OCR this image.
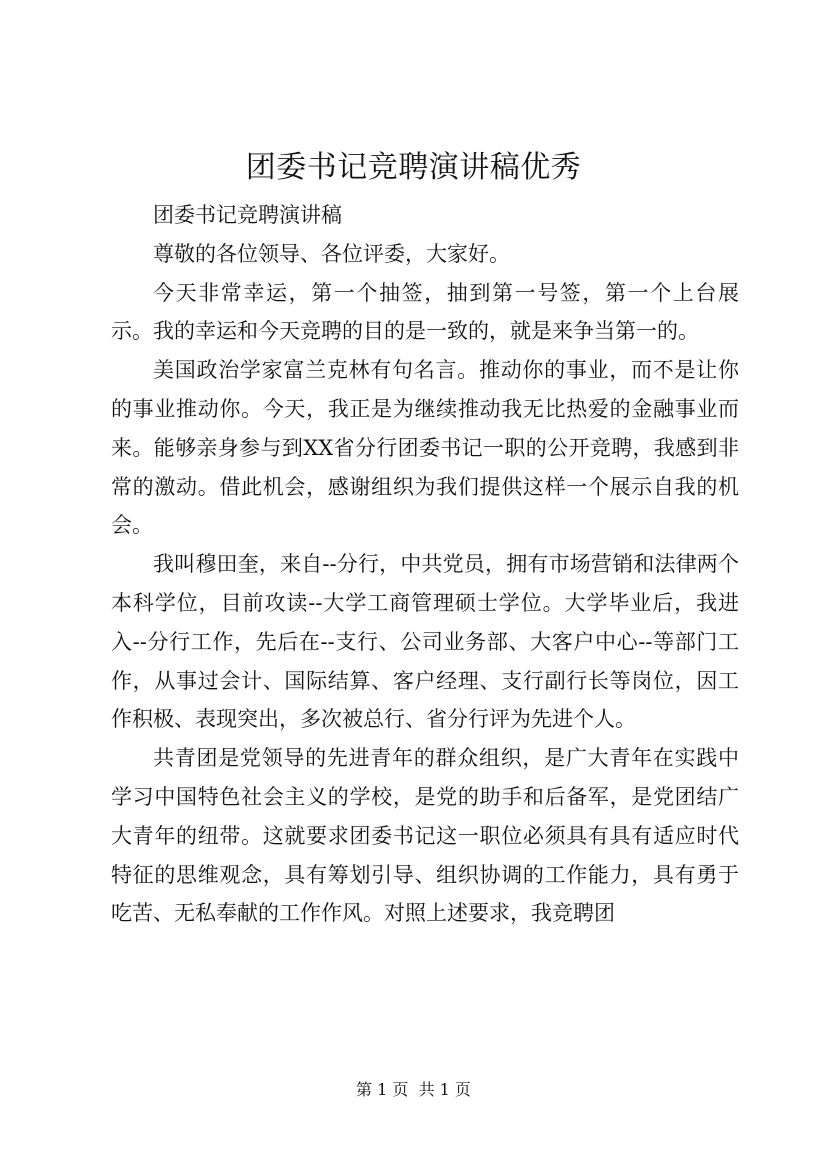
团委书记竞聘演讲稿优秀

团委书记竞聘演讲稿

尊敬的各位领导、各位评委，大家好。

今天非常幸运，第一个抽签，抽到第一号签，第一个上台展示。我的幸运和今天竞聘的目的是一致的，就是来争当第一的。

美国政治学家富兰克林有句名言。推动你的事业，而不是让你的事业推动你。今天，我正是为继续推动我无比热爱的金融事业而来。能够亲身参与到XX省分行团委书记一职的公开竞聘，我感到非常的激动。借此机会，感谢组织为我们提供这样一个展示自我的机会。

我叫穆田奎，来自--分行，中共党员，拥有市场营销和法律两个本科学位，目前攻读--大学工商管理硕士学位。大学毕业后，我进入--分行工作，先后在--支行、公司业务部、大客户中心--等部门工作，从事过会计、国际结算、客户经理、支行副行长等岗位，因工作积极、表现突出，多次被总行、省分行评为先进个人。

共青团是党领导的先进青年的群众组织，是广大青年在实践中学习中国特色社会主义的学校，是党的助手和后备军，是党团结广大青年的纽带。这就要求团委书记这一职位必须具有具有适应时代特征的思维观念，具有筹划引导、组织协调的工作能力，具有勇于吃苦、无私奉献的工作作风。对照上述要求，我竞聘团

第 1 页  共 1 页
